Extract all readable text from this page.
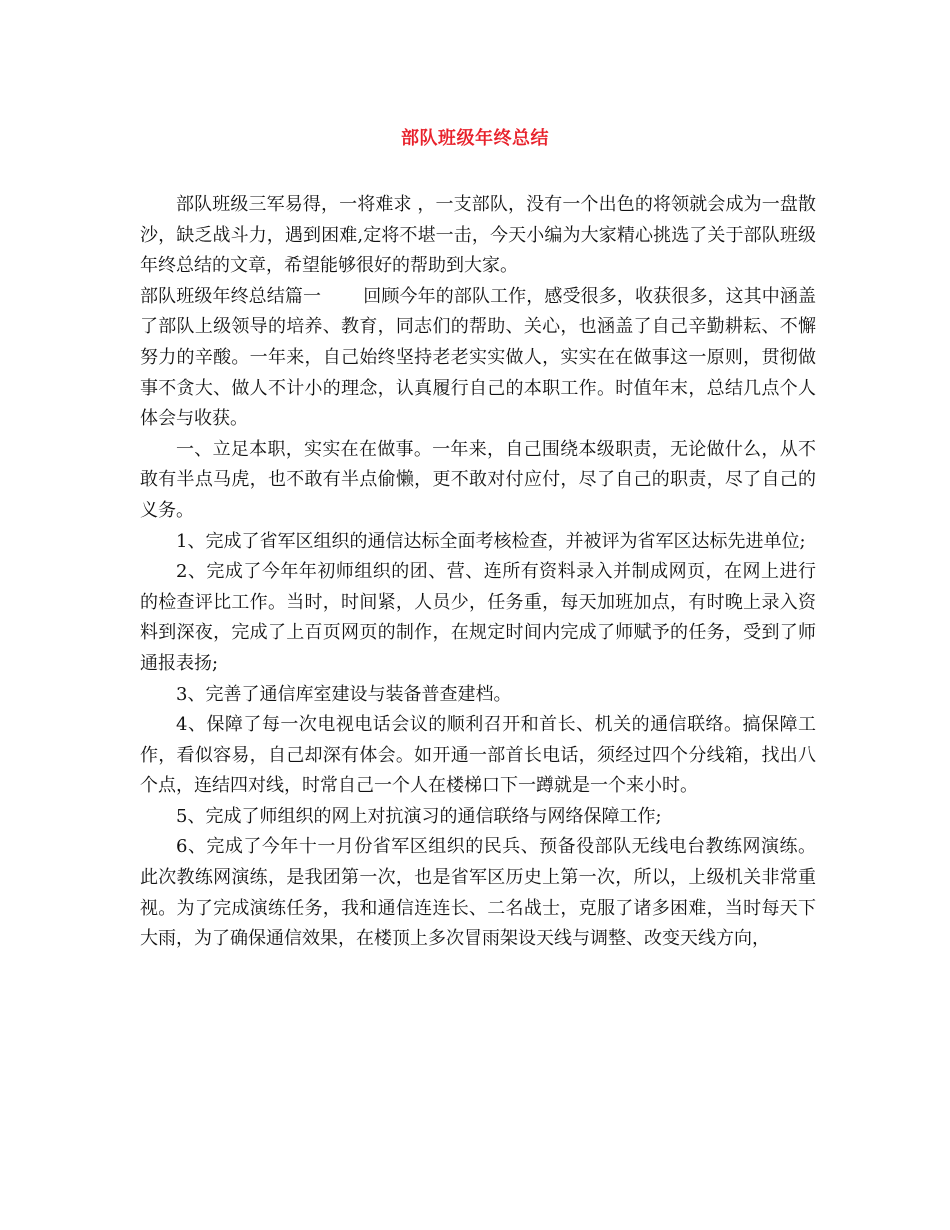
部队班级年终总结

部队班级三军易得，一将难求 ，一支部队，没有一个出色的将领就会成为一盘散沙，缺乏战斗力，遇到困难,定将不堪一击，今天小编为大家精心挑选了关于部队班级年终总结的文章，希望能够很好的帮助到大家。

部队班级年终总结篇一 回顾今年的部队工作，感受很多，收获很多，这其中涵盖了部队上级领导的培养、教育，同志们的帮助、关心，也涵盖了自己辛勤耕耘、不懈努力的辛酸。一年来，自己始终坚持老老实实做人，实实在在做事这一原则，贯彻做事不贪大、做人不计小的理念，认真履行自己的本职工作。时值年末，总结几点个人体会与收获。

一、立足本职，实实在在做事。一年来，自己围绕本级职责，无论做什么，从不敢有半点马虎，也不敢有半点偷懒，更不敢对付应付，尽了自己的职责，尽了自己的义务。

1、完成了省军区组织的通信达标全面考核检查，并被评为省军区达标先进单位;

2、完成了今年年初师组织的团、营、连所有资料录入并制成网页，在网上进行的检查评比工作。当时，时间紧，人员少，任务重，每天加班加点，有时晚上录入资料到深夜，完成了上百页网页的制作，在规定时间内完成了师赋予的任务，受到了师通报表扬;

3、完善了通信库室建设与装备普查建档。

4、保障了每一次电视电话会议的顺利召开和首长、机关的通信联络。搞保障工作，看似容易，自己却深有体会。如开通一部首长电话，须经过四个分线箱，找出八个点，连结四对线，时常自己一个人在楼梯口下一蹲就是一个来小时。

5、完成了师组织的网上对抗演习的通信联络与网络保障工作;

6、完成了今年十一月份省军区组织的民兵、预备役部队无线电台教练网演练。此次教练网演练，是我团第一次，也是省军区历史上第一次，所以，上级机关非常重视。为了完成演练任务，我和通信连连长、二名战士，克服了诸多困难，当时每天下大雨，为了确保通信效果，在楼顶上多次冒雨架设天线与调整、改变天线方向，
